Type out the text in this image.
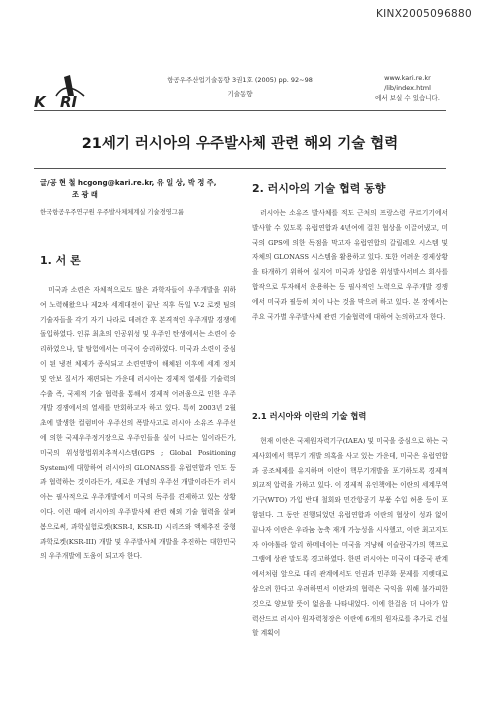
KINX2005096880
K RI
항공우주산업기술동향 3권1호 (2005) pp. 92~98
기술동향
www.kari.re.kr
/lib/index.html
에서 보실 수 있습니다.
21세기 러시아의 우주발사체 관련 해외 기술 협력
글/공 현 철 hcgong@kari.re.kr, 유 일 상, 박 정 주,
조 광 래
한국항공우주연구원 우주발사체체계실 기술경영그룹
1. 서 론

미국과 소련은 자체적으로도 많은 과학자들이 우주개발을 위하여 노력해왔으나 제2차 세계대전이 끝난 직후 독일 V-2 로켓 팀의 기술자들을 각기 자기 나라로 데려간 후 본격적인 우주개발 경쟁에 돌입하였다. 인류 최초의 인공위성 및 우주인 탄생에서는 소련이 승리하였으나, 달 탐험에서는 미국이 승리하였다. 미국과 소련이 중심이 된 냉전 체제가 종식되고 소련연방이 해체된 이후에 세계 정치 및 안보 질서가 재편되는 가운데 러시아는 경제적 열세를 기술력의 수출 즉, 국제적 기술 협력을 통해서 경제적 어려움으로 인한 우주개발 경쟁에서의 열세를 만회하고자 하고 있다. 특히 2003년 2월초에 발생한 컬럼비아 우주선의 폭발사고로 러시아 소유즈 우주선에 의한 국제우주정거장으로 우주인들을 실어 나르는 일이라든가, 미국의 위성항법위치추적시스템(GPS ; Global Positioning System)에 대항하여 러시아의 GLONASS를 유럽연합과 인도 등과 협력하는 것이라든가, 새로운 개념의 우주선 개발이라든가 러시아는 필사적으로 우주개발에서 미국의 독주를 견제하고 있는 상황이다. 이런 때에 러시아의 우주발사체 관련 해외 기술 협력을 살펴봄으로써, 과학실험로켓(KSR-I, KSR-II) 시리즈와 액체추진 중형과학로켓(KSR-III) 개발 및 우주발사체 개발을 추진하는 대한민국의 우주개발에 도움이 되고자 한다.

2. 러시아의 기술 협력 동향

러시아는 소유즈 발사체를 적도 근처의 프랑스령 쿠르기기에서 발사할 수 있도록 유럽연합과 4년여에 걸친 협상을 이끌어냈고, 미국의 GPS에 의한 독점을 막고자 유럽연합의 갈릴레오 시스템 및 자체의 GLONASS 시스템을 활용하고 있다. 또한 어려운 경제상황을 타개하기 위하여 실지어 미국과 상업용 위성발사서비스 회사를 합작으로 투자해서 운용하는 등 필사적인 노력으로 우주개발 경쟁에서 미국과 필등히 치이 나는 것을 막으려 하고 있다. 본 장에서는 주요 국가별 우주발사체 관련 기술협력에 대하여 논의하고자 한다.

2.1 러시아와 이란의 기술 협력

현재 이란은 국제원자력기구(IAEA) 및 미국을 중심으로 하는 국제사회에서 핵무기 개발 의혹을 사고 있는 가운데, 미국은 유럽연합과 공조체제를 유지하며 이란이 핵무기개발을 포기하도록 경제적 외교적 압력을 가하고 있다. 이 경제적 유인책에는 이란의 세계무역기구(WTO) 가입 반대 철회와 민간항공기 부품 수입 허용 등이 포함된다. 그 동안 진행되었던 유럽연합과 이란의 협상이 성과 없이 끝나자 이란은 우라늄 농축 재개 가능성을 시사했고, 이란 최고지도자 아야톨라 알리 하메네이는 미국을 겨냥해 이슬람국가의 핵프로그램에 상관 말도록 경고하였다. 한편 러시아는 미국이 대중국 관계에서처럼 앞으로 대리 관계에서도 인권과 민주화 문제를 지렛대로 삼으려 한다고 우려하면서 이란과의 협력은 국익을 위해 불가피한 것으로 양보할 뜻이 없음을 나타내었다. 이에 한걸음 더 나아가 압력산드르 러시아 원자력청장은 이란에 6개의 원자로를 추가로 건설할 계획이
